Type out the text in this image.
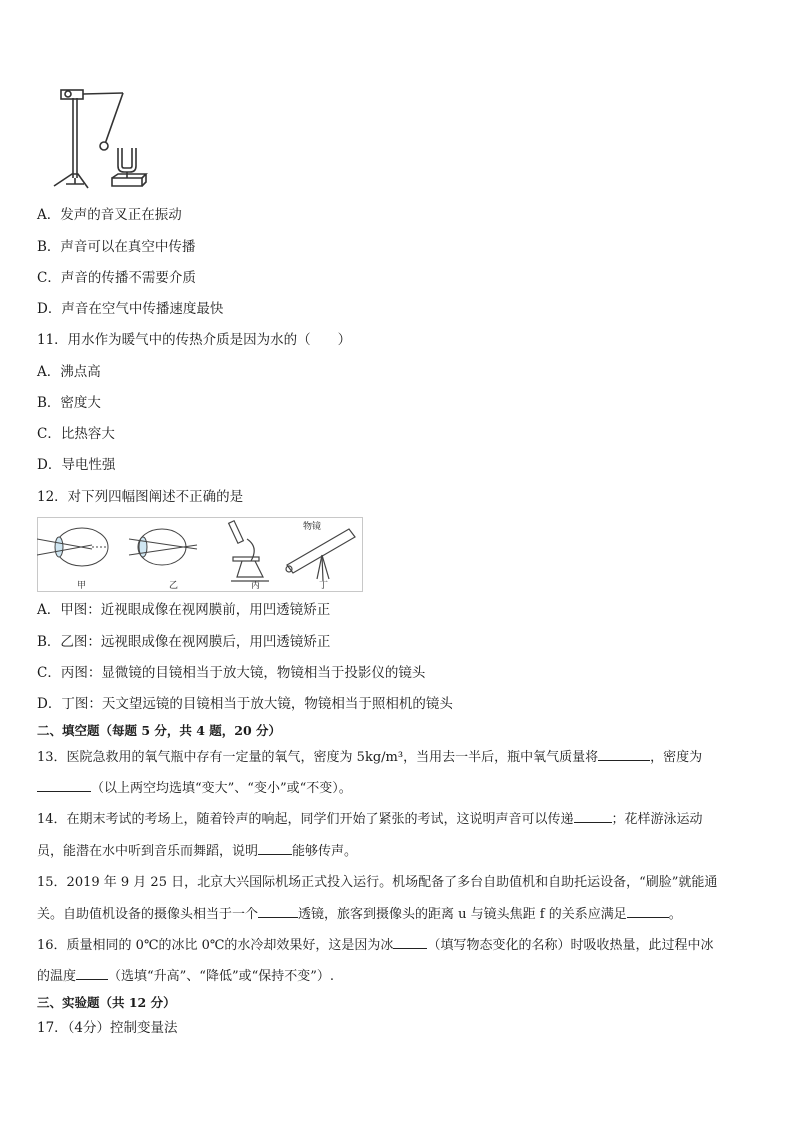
A．发声的音叉正在振动
B．声音可以在真空中传播
C．声音的传播不需要介质
D．声音在空气中传播速度最快
11．用水作为暖气中的传热介质是因为水的（　　）
A．沸点高
B．密度大
C．比热容大
D．导电性强
12．对下列四幅图阐述不正确的是
物镜
甲	乙	丙	丁
A．甲图：近视眼成像在视网膜前，用凹透镜矫正
B．乙图：远视眼成像在视网膜后，用凹透镜矫正
C．丙图：显微镜的目镜相当于放大镜，物镜相当于投影仪的镜头
D．丁图：天文望远镜的目镜相当于放大镜，物镜相当于照相机的镜头
二、填空题（每题 5 分，共 4 题，20 分）
13．医院急救用的氧气瓶中存有一定量的氧气，密度为 5kg/m³，当用去一半后，瓶中氧气质量将	，密度为
（以上两空均选填“变大”、“变小”或“不变）。
14．在期末考试的考场上，随着铃声的响起，同学们开始了紧张的考试，这说明声音可以传递	；花样游泳运动
员，能潜在水中听到音乐而舞蹈，说明	能够传声。
15．2019 年 9 月 25 日，北京大兴国际机场正式投入运行。机场配备了多台自助值机和自助托运设备，“刷脸”就能通
关。自助值机设备的摄像头相当于一个	透镜，旅客到摄像头的距离 u 与镜头焦距 f 的关系应满足	。
16．质量相同的 0℃的冰比 0℃的水冷却效果好，这是因为冰	（填写物态变化的名称）时吸收热量，此过程中冰
的温度 （选填“升高”、“降低”或“保持不变”）.
三、实验题（共 12 分）
17．（4分）控制变量法
